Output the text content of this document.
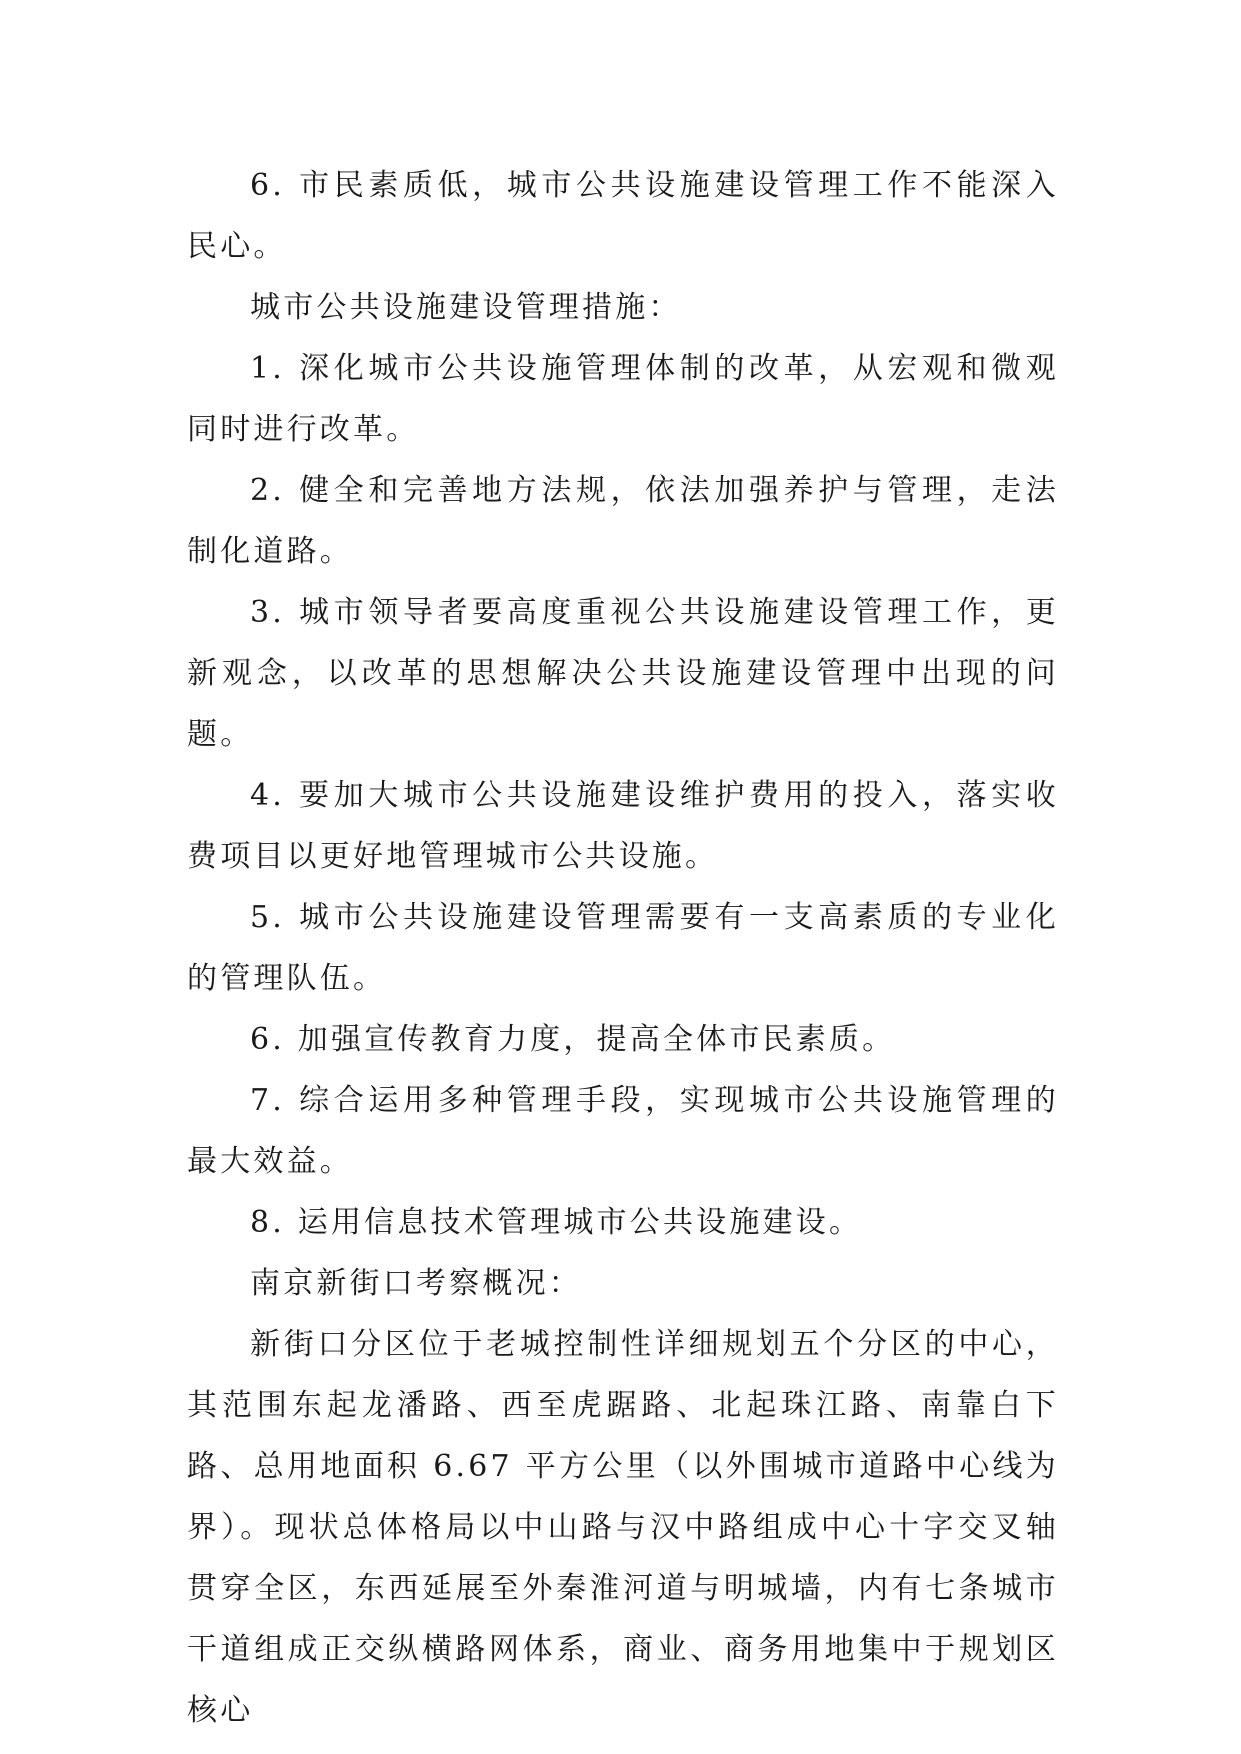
6. 市民素质低，城市公共设施建设管理工作不能深入民心。

城市公共设施建设管理措施：

1. 深化城市公共设施管理体制的改革，从宏观和微观同时进行改革。

2. 健全和完善地方法规，依法加强养护与管理，走法制化道路。

3. 城市领导者要高度重视公共设施建设管理工作，更新观念，以改革的思想解决公共设施建设管理中出现的问题。

4. 要加大城市公共设施建设维护费用的投入，落实收费项目以更好地管理城市公共设施。

5. 城市公共设施建设管理需要有一支高素质的专业化的管理队伍。

6. 加强宣传教育力度，提高全体市民素质。

7. 综合运用多种管理手段，实现城市公共设施管理的最大效益。

8. 运用信息技术管理城市公共设施建设。

南京新街口考察概况：

新街口分区位于老城控制性详细规划五个分区的中心，其范围东起龙潘路、西至虎踞路、北起珠江路、南靠白下路、总用地面积 6.67 平方公里（以外围城市道路中心线为界）。现状总体格局以中山路与汉中路组成中心十字交叉轴贯穿全区，东西延展至外秦淮河道与明城墙，内有七条城市干道组成正交纵横路网体系，商业、商务用地集中于规划区核心
